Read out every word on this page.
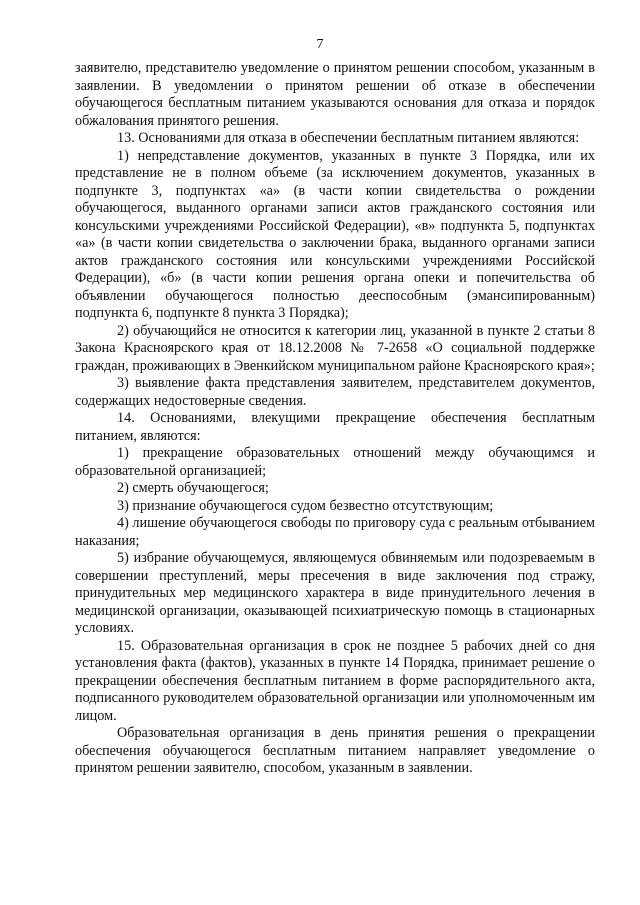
7

заявителю, представителю уведомление о принятом решении способом, указанным в заявлении. В уведомлении о принятом решении об отказе в обеспечении обучающегося бесплатным питанием указываются основания для отказа и порядок обжалования принятого решения.

13. Основаниями для отказа в обеспечении бесплатным питанием являются:

1) непредставление документов, указанных в пункте 3 Порядка, или их представление не в полном объеме (за исключением документов, указанных в подпункте 3, подпунктах «а» (в части копии свидетельства о рождении обучающегося, выданного органами записи актов гражданского состояния или консульскими учреждениями Российской Федерации), «в» подпункта 5, подпунктах «а» (в части копии свидетельства о заключении брака, выданного органами записи актов гражданского состояния или консульскими учреждениями Российской Федерации), «б» (в части копии решения органа опеки и попечительства об объявлении обучающегося полностью дееспособным (эмансипированным) подпункта 6, подпункте 8 пункта 3 Порядка);

2) обучающийся не относится к категории лиц, указанной в пункте 2 статьи 8 Закона Красноярского края от 18.12.2008 № 7-2658 «О социальной поддержке граждан, проживающих в Эвенкийском муниципальном районе Красноярского края»;

3) выявление факта представления заявителем, представителем документов, содержащих недостоверные сведения.

14. Основаниями, влекущими прекращение обеспечения бесплатным питанием, являются:

1) прекращение образовательных отношений между обучающимся и образовательной организацией;

2) смерть обучающегося;

3) признание обучающегося судом безвестно отсутствующим;

4) лишение обучающегося свободы по приговору суда с реальным отбыванием наказания;

5) избрание обучающемуся, являющемуся обвиняемым или подозреваемым в совершении преступлений, меры пресечения в виде заключения под стражу, принудительных мер медицинского характера в виде принудительного лечения в медицинской организации, оказывающей психиатрическую помощь в стационарных условиях.

15. Образовательная организация в срок не позднее 5 рабочих дней со дня установления факта (фактов), указанных в пункте 14 Порядка, принимает решение о прекращении обеспечения бесплатным питанием в форме распорядительного акта, подписанного руководителем образовательной организации или уполномоченным им лицом.

Образовательная организация в день принятия решения о прекращении обеспечения обучающегося бесплатным питанием направляет уведомление о принятом решении заявителю, способом, указанным в заявлении.
